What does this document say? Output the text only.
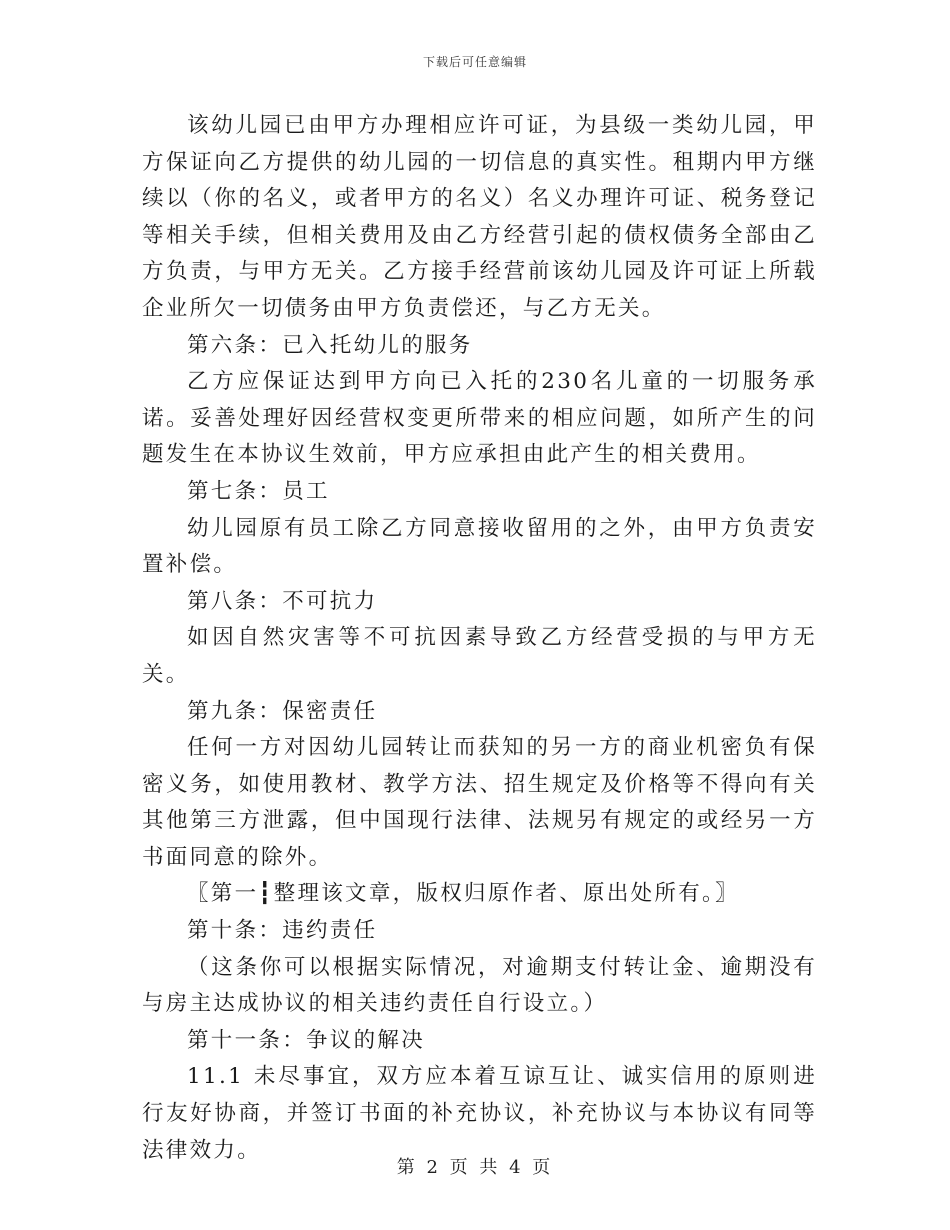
下载后可任意编辑

该幼儿园已由甲方办理相应许可证，为县级一类幼儿园，甲方保证向乙方提供的幼儿园的一切信息的真实性。租期内甲方继续以（你的名义，或者甲方的名义）名义办理许可证、税务登记等相关手续，但相关费用及由乙方经营引起的债权债务全部由乙方负责，与甲方无关。乙方接手经营前该幼儿园及许可证上所载企业所欠一切债务由甲方负责偿还，与乙方无关。

第六条：已入托幼儿的服务

乙方应保证达到甲方向已入托的230名儿童的一切服务承诺。妥善处理好因经营权变更所带来的相应问题，如所产生的问题发生在本协议生效前，甲方应承担由此产生的相关费用。

第七条：员工

幼儿园原有员工除乙方同意接收留用的之外，由甲方负责安置补偿。

第八条：不可抗力

如因自然灾害等不可抗因素导致乙方经营受损的与甲方无关。

第九条：保密责任

任何一方对因幼儿园转让而获知的另一方的商业机密负有保密义务，如使用教材、教学方法、招生规定及价格等不得向有关其他第三方泄露，但中国现行法律、法规另有规定的或经另一方书面同意的除外。

〖第一┇整理该文章，版权归原作者、原出处所有。〗

第十条：违约责任

（这条你可以根据实际情况，对逾期支付转让金、逾期没有与房主达成协议的相关违约责任自行设立。）

第十一条：争议的解决

11.1 未尽事宜，双方应本着互谅互让、诚实信用的原则进行友好协商，并签订书面的补充协议，补充协议与本协议有同等法律效力。

第 2 页 共 4 页
